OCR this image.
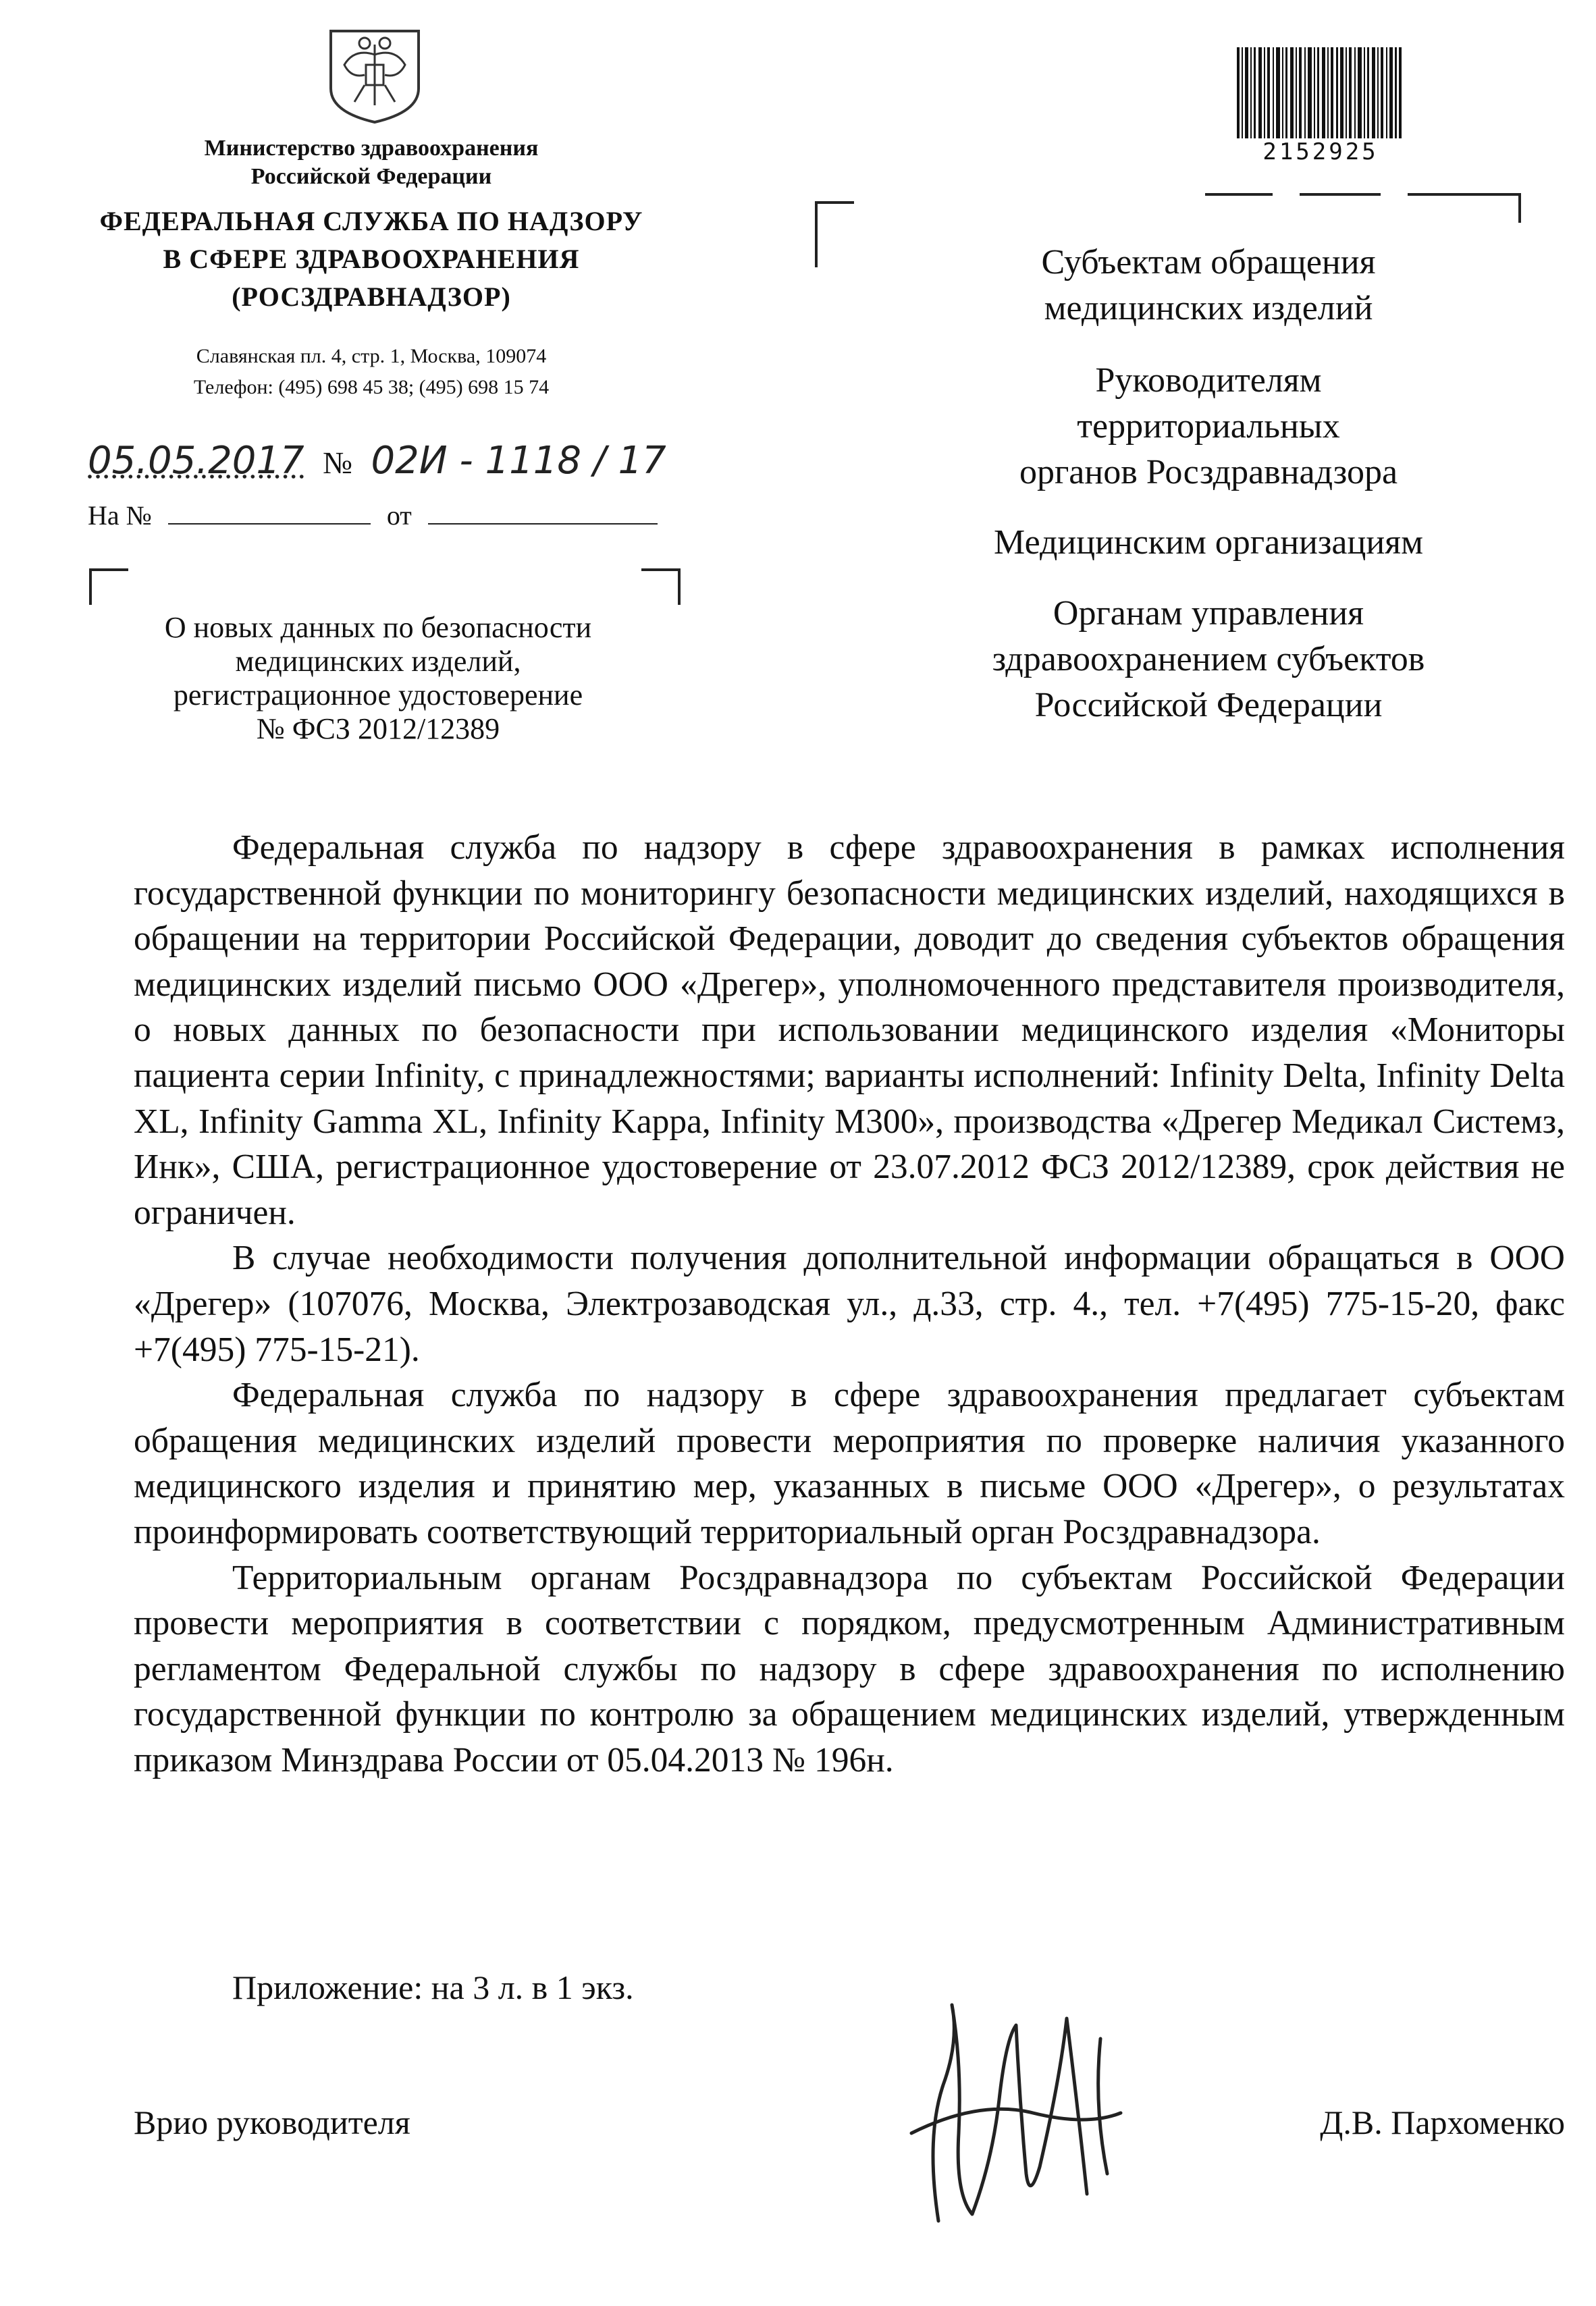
Министерство здравоохранения
Российской Федерации
ФЕДЕРАЛЬНАЯ СЛУЖБА ПО НАДЗОРУ
В СФЕРЕ ЗДРАВООХРАНЕНИЯ
(РОСЗДРАВНАДЗОР)
Славянская пл. 4, стр. 1, Москва, 109074
Телефон: (495) 698 45 38; (495) 698 15 74
05.05.2017 № 02И - 1118 / 17
На №	от
О новых данных по безопасности
медицинских изделий,
регистрационное удостоверение
№ ФСЗ 2012/12389
2152925
Субъектам обращения
медицинских изделий
Руководителям
территориальных
органов Росздравнадзора
Медицинским организациям
Органам управления
здравоохранением субъектов
Российской Федерации

Федеральная служба по надзору в сфере здравоохранения в рамках исполнения государственной функции по мониторингу безопасности медицинских изделий, находящихся в обращении на территории Российской Федерации, доводит до сведения субъектов обращения медицинских изделий письмо ООО «Дрегер», уполномоченного представителя производителя, о новых данных по безопасности при использовании медицинского изделия «Мониторы пациента серии Infinity, с принадлежностями; варианты исполнений: Infinity Delta, Infinity Delta XL, Infinity Gamma XL, Infinity Kappa, Infinity M300», производства «Дрегер Медикал Системз, Инк», США, регистрационное удостоверение от 23.07.2012 ФСЗ 2012/12389, срок действия не ограничен.

В случае необходимости получения дополнительной информации обращаться в ООО «Дрегер» (107076, Москва, Электрозаводская ул., д.33, стр. 4., тел. +7(495) 775-15-20, факс +7(495) 775-15-21).

Федеральная служба по надзору в сфере здравоохранения предлагает субъектам обращения медицинских изделий провести мероприятия по проверке наличия указанного медицинского изделия и принятию мер, указанных в письме ООО «Дрегер», о результатах проинформировать соответствующий территориальный орган Росздравнадзора.

Территориальным органам Росздравнадзора по субъектам Российской Федерации провести мероприятия в соответствии с порядком, предусмотренным Административным регламентом Федеральной службы по надзору в сфере здравоохранения по исполнению государственной функции по контролю за обращением медицинских изделий, утвержденным приказом Минздрава России от 05.04.2013 № 196н.

Приложение: на 3 л. в 1 экз.
Врио руководителя	Д.В. Пархоменко
